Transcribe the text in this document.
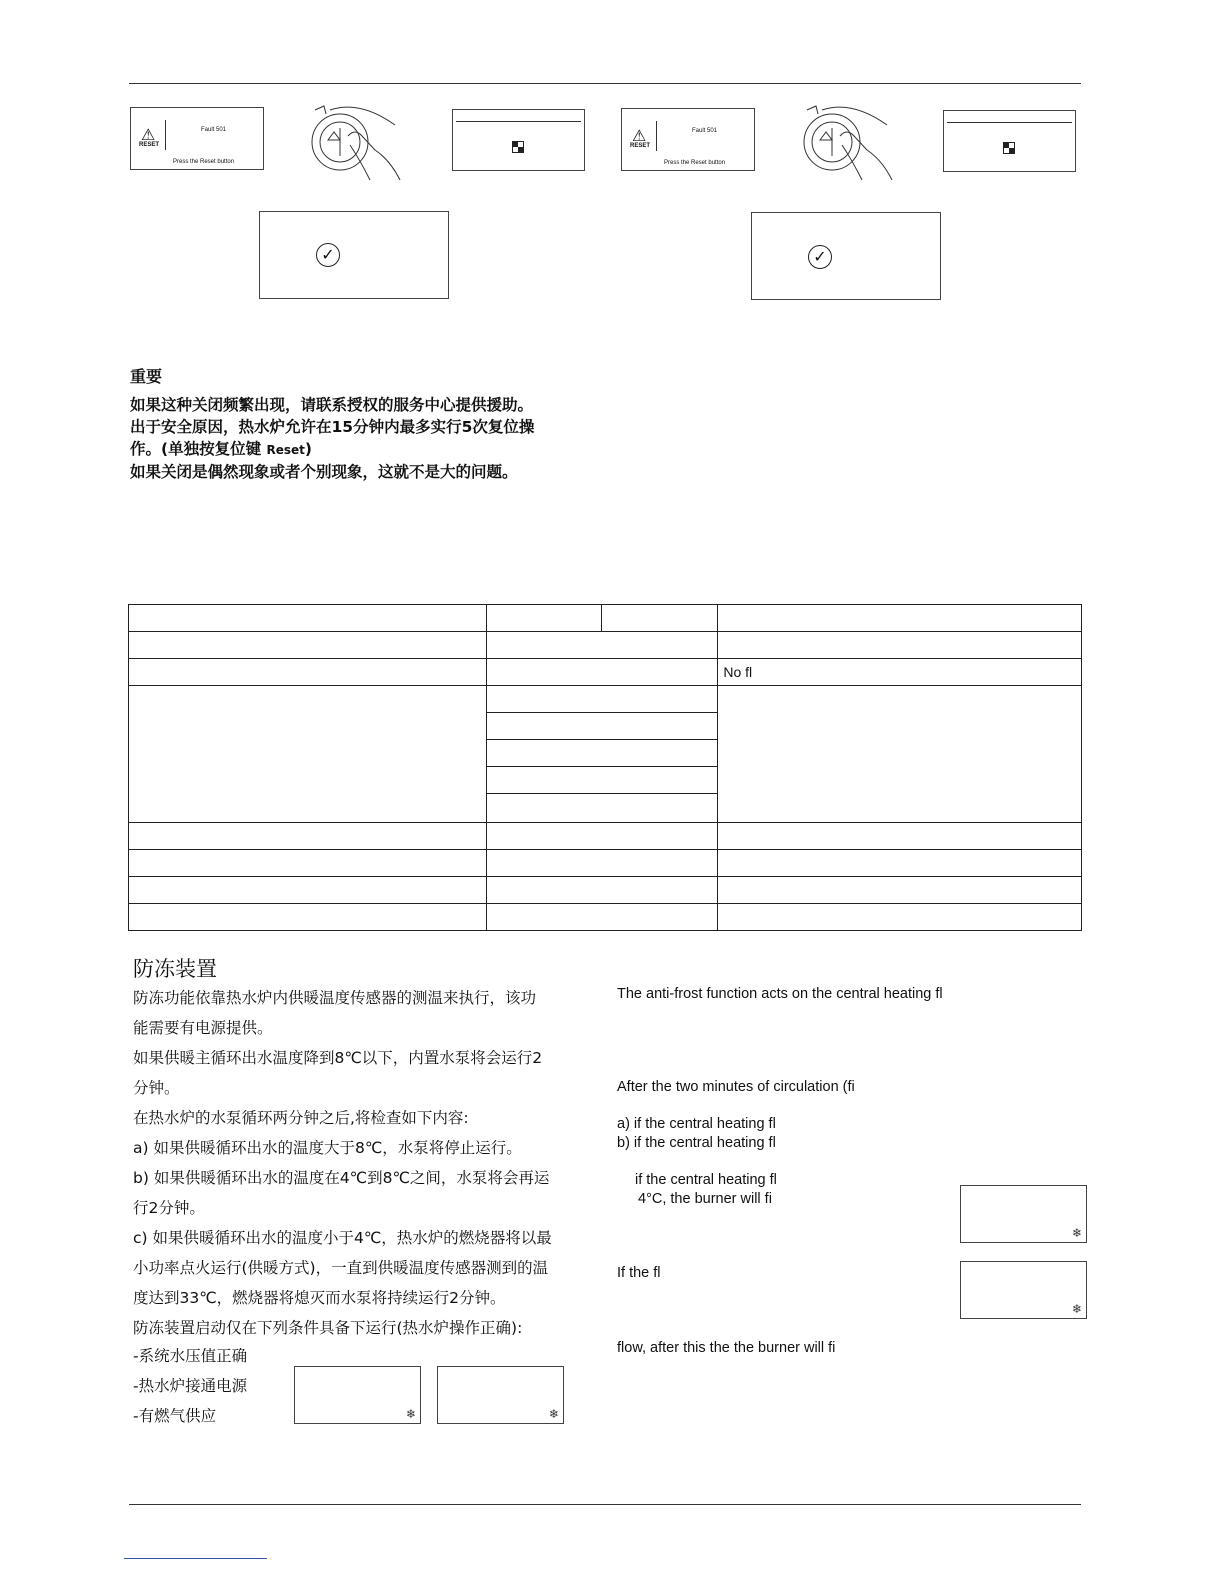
⚠
RESET
Fault 501
Press the Reset button
✓
⚠
RESET
Fault 501
Press the Reset button
✓
重要
如果这种关闭频繁出现，请联系授权的服务中心提供援助。
出于安全原因，热水炉允许在15分钟内最多实行5次复位操
作。(单独按复位键 Reset)
如果关闭是偶然现象或者个别现象，这就不是大的问题。

			No fl

防冻装置
防冻功能依靠热水炉内供暖温度传感器的测温来执行，该功
能需要有电源提供。
如果供暖主循环出水温度降到8℃以下，内置水泵将会运行2
分钟。
在热水炉的水泵循环两分钟之后,将检查如下内容:
a) 如果供暖循环出水的温度大于8℃，水泵将停止运行。
b) 如果供暖循环出水的温度在4℃到8℃之间，水泵将会再运
行2分钟。
c) 如果供暖循环出水的温度小于4℃，热水炉的燃烧器将以最
小功率点火运行(供暖方式)，一直到供暖温度传感器测到的温
度达到33℃，燃烧器将熄灭而水泵将持续运行2分钟。
防冻装置启动仅在下列条件具备下运行(热水炉操作正确):
-系统水压值正确
-热水炉接通电源
-有燃气供应	❄	❄
The anti-frost function acts on the central heating fl
After the two minutes of circulation (fi
a) if the central heating fl
b) if the central heating fl
if the central heating fl
4°C, the burner will fi
If the fl
flow, after this the the burner will fi
❄
❄
